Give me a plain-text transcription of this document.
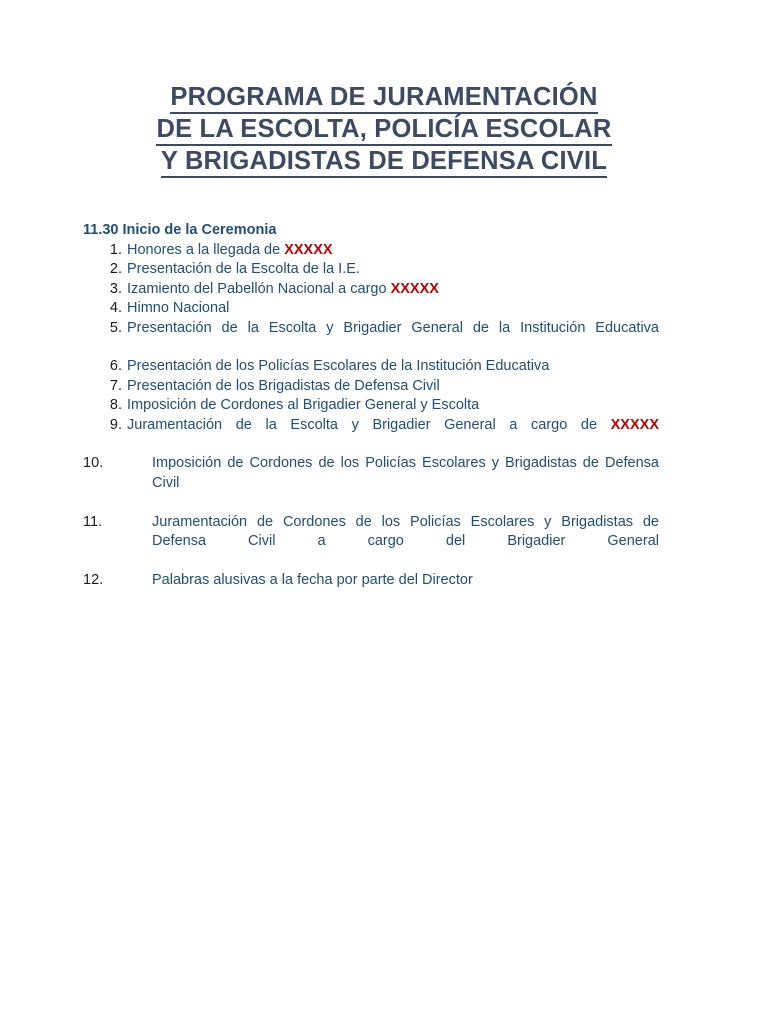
PROGRAMA DE JURAMENTACIÓN
DE LA ESCOLTA, POLICÍA ESCOLAR
Y BRIGADISTAS DE DEFENSA CIVIL

11.30 Inicio de la Ceremonia

1. Honores a la llegada de XXXXX
2. Presentación de la Escolta de la I.E.
3. Izamiento del Pabellón Nacional a cargo XXXXX
4. Himno Nacional
5. Presentación de la Escolta y Brigadier General de la Institución Educativa
6. Presentación de los Policías Escolares de la Institución Educativa
7. Presentación de los Brigadistas de Defensa Civil
8. Imposición de Cordones al Brigadier General y Escolta
9. Juramentación de la Escolta y Brigadier General a cargo de XXXXX
10.	Imposición de Cordones de los Policías Escolares y Brigadistas de Defensa Civil
11.	Juramentación de Cordones de los Policías Escolares y Brigadistas de Defensa Civil a cargo del Brigadier General
12.	Palabras alusivas a la fecha por parte del Director
